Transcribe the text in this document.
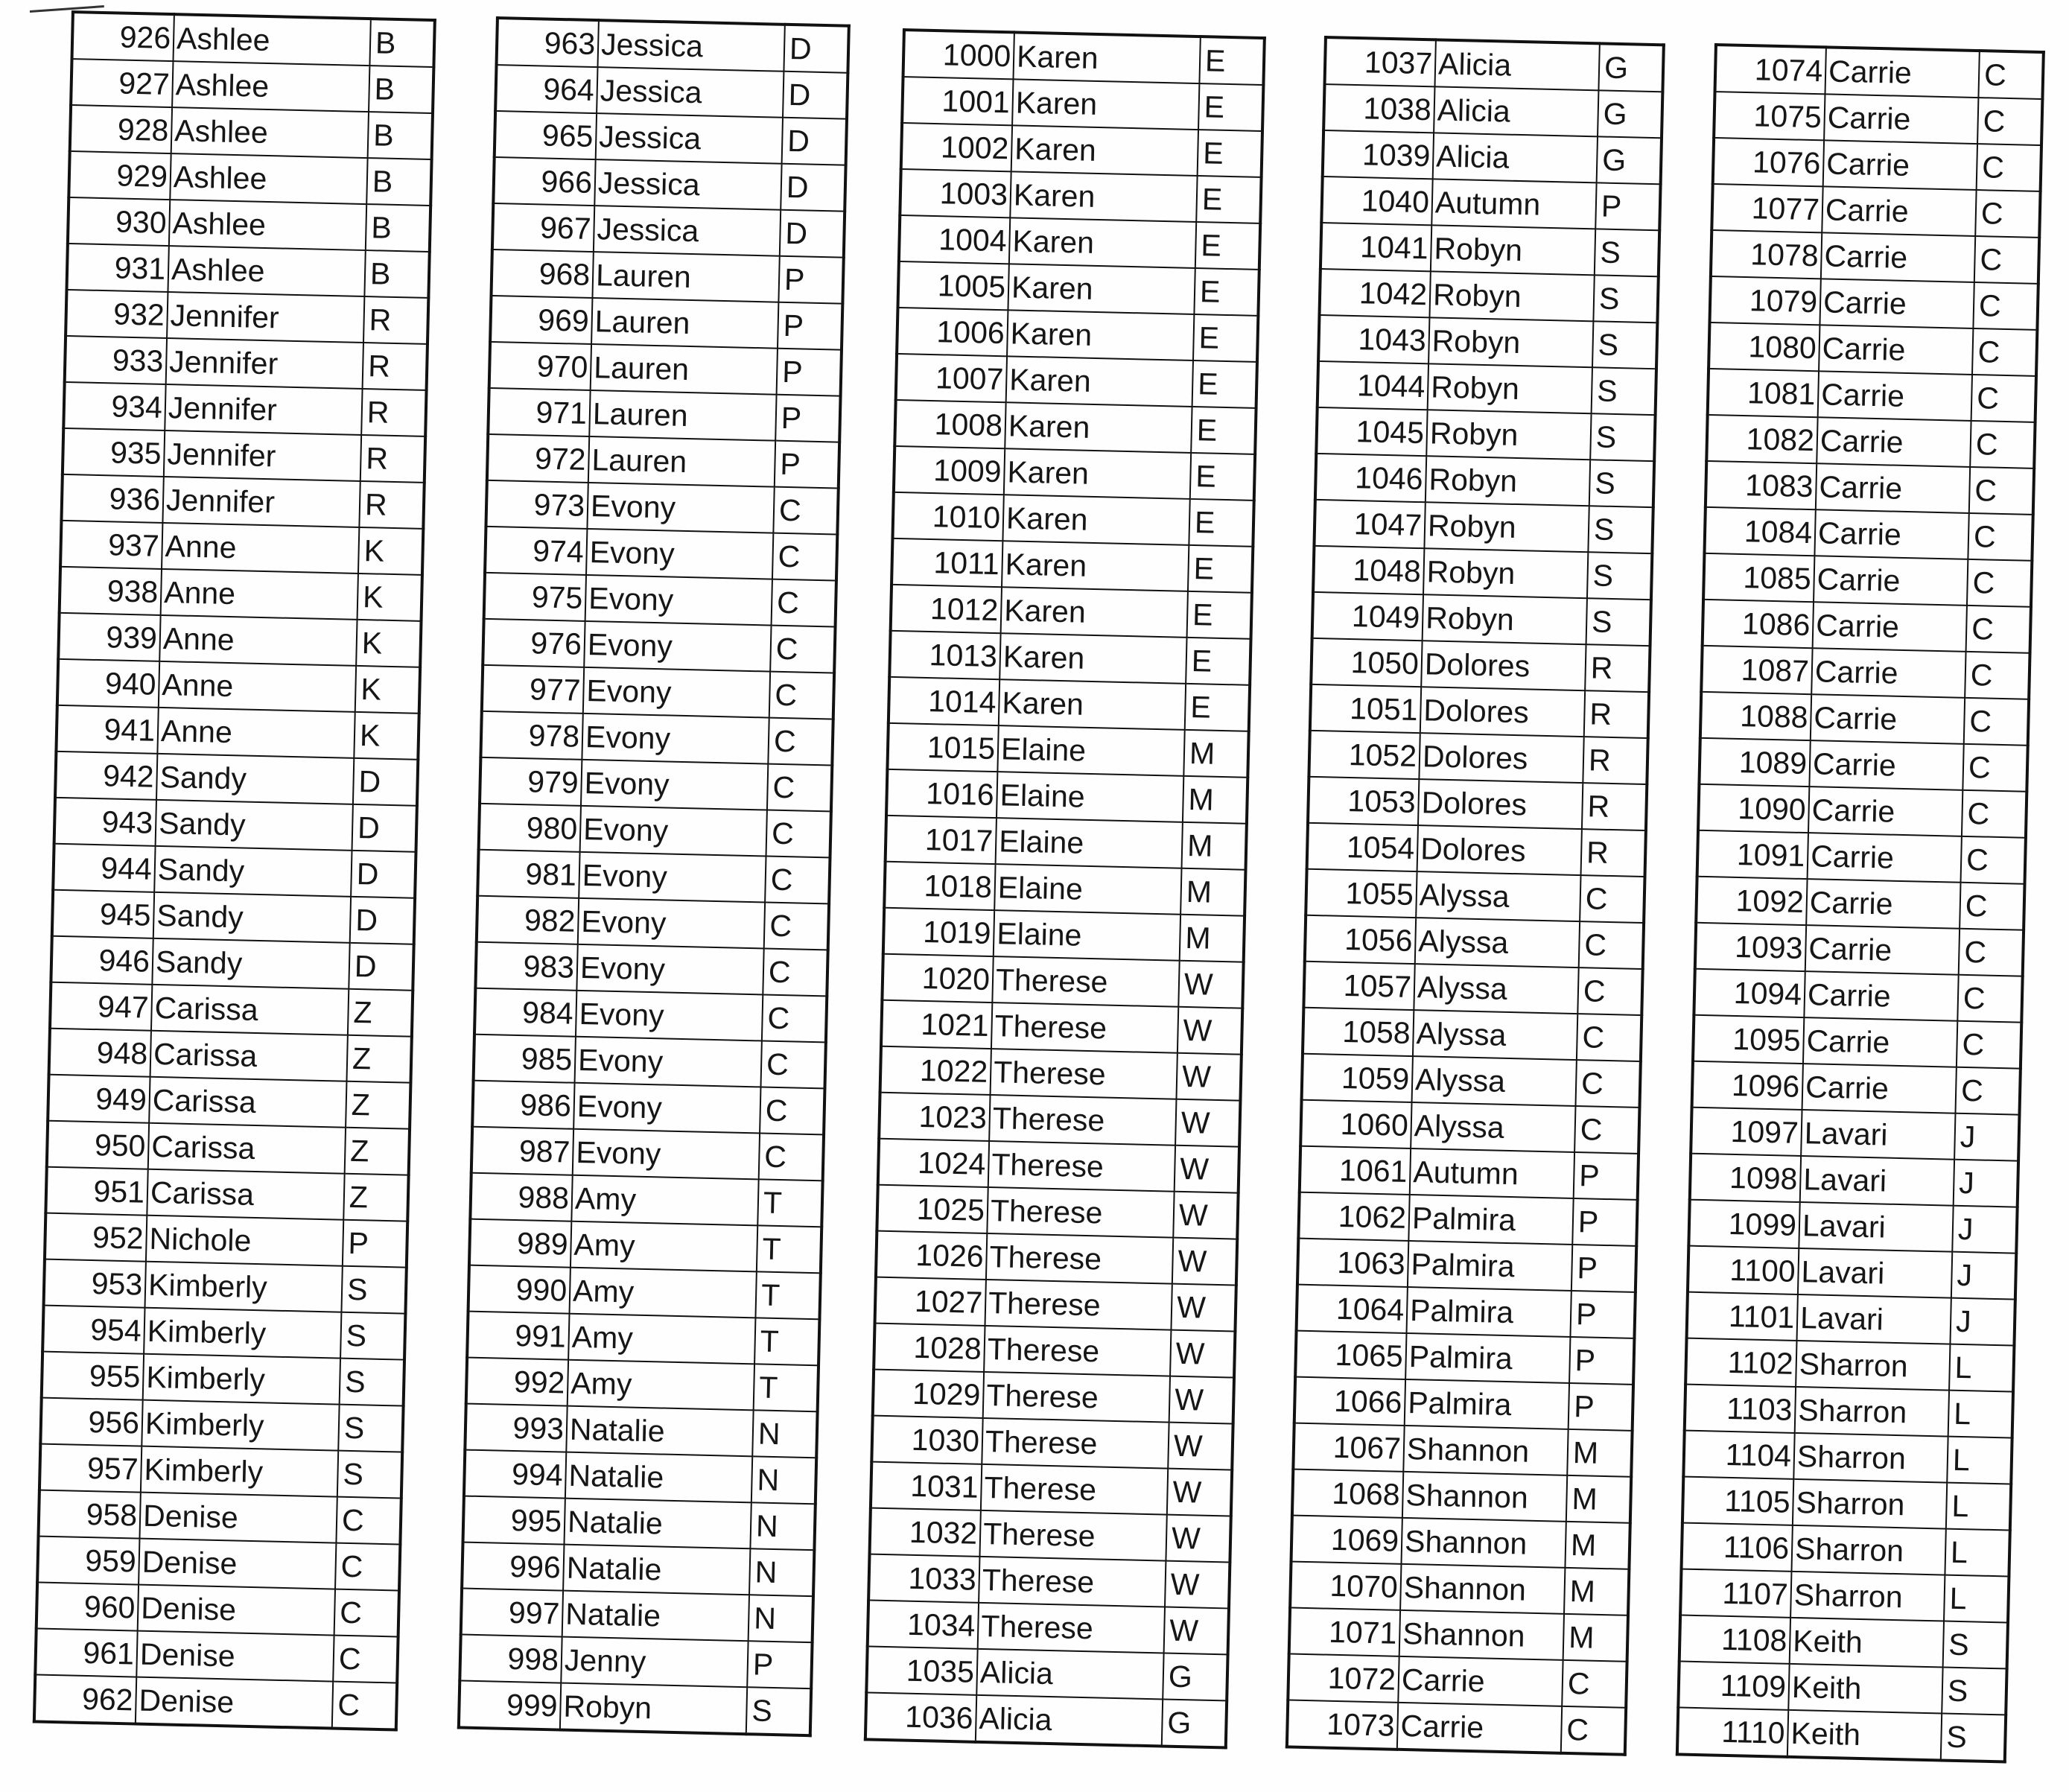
926	Ashlee	B
927	Ashlee	B
928	Ashlee	B
929	Ashlee	B
930	Ashlee	B
931	Ashlee	B
932	Jennifer	R
933	Jennifer	R
934	Jennifer	R
935	Jennifer	R
936	Jennifer	R
937	Anne	K
938	Anne	K
939	Anne	K
940	Anne	K
941	Anne	K
942	Sandy	D
943	Sandy	D
944	Sandy	D
945	Sandy	D
946	Sandy	D
947	Carissa	Z
948	Carissa	Z
949	Carissa	Z
950	Carissa	Z
951	Carissa	Z
952	Nichole	P
953	Kimberly	S
954	Kimberly	S
955	Kimberly	S
956	Kimberly	S
957	Kimberly	S
958	Denise	C
959	Denise	C
960	Denise	C
961	Denise	C
962	Denise	C
963	Jessica	D
964	Jessica	D
965	Jessica	D
966	Jessica	D
967	Jessica	D
968	Lauren	P
969	Lauren	P
970	Lauren	P
971	Lauren	P
972	Lauren	P
973	Evony	C
974	Evony	C
975	Evony	C
976	Evony	C
977	Evony	C
978	Evony	C
979	Evony	C
980	Evony	C
981	Evony	C
982	Evony	C
983	Evony	C
984	Evony	C
985	Evony	C
986	Evony	C
987	Evony	C
988	Amy	T
989	Amy	T
990	Amy	T
991	Amy	T
992	Amy	T
993	Natalie	N
994	Natalie	N
995	Natalie	N
996	Natalie	N
997	Natalie	N
998	Jenny	P
999	Robyn	S
1000	Karen	E
1001	Karen	E
1002	Karen	E
1003	Karen	E
1004	Karen	E
1005	Karen	E
1006	Karen	E
1007	Karen	E
1008	Karen	E
1009	Karen	E
1010	Karen	E
1011	Karen	E
1012	Karen	E
1013	Karen	E
1014	Karen	E
1015	Elaine	M
1016	Elaine	M
1017	Elaine	M
1018	Elaine	M
1019	Elaine	M
1020	Therese	W
1021	Therese	W
1022	Therese	W
1023	Therese	W
1024	Therese	W
1025	Therese	W
1026	Therese	W
1027	Therese	W
1028	Therese	W
1029	Therese	W
1030	Therese	W
1031	Therese	W
1032	Therese	W
1033	Therese	W
1034	Therese	W
1035	Alicia	G
1036	Alicia	G
1037	Alicia	G
1038	Alicia	G
1039	Alicia	G
1040	Autumn	P
1041	Robyn	S
1042	Robyn	S
1043	Robyn	S
1044	Robyn	S
1045	Robyn	S
1046	Robyn	S
1047	Robyn	S
1048	Robyn	S
1049	Robyn	S
1050	Dolores	R
1051	Dolores	R
1052	Dolores	R
1053	Dolores	R
1054	Dolores	R
1055	Alyssa	C
1056	Alyssa	C
1057	Alyssa	C
1058	Alyssa	C
1059	Alyssa	C
1060	Alyssa	C
1061	Autumn	P
1062	Palmira	P
1063	Palmira	P
1064	Palmira	P
1065	Palmira	P
1066	Palmira	P
1067	Shannon	M
1068	Shannon	M
1069	Shannon	M
1070	Shannon	M
1071	Shannon	M
1072	Carrie	C
1073	Carrie	C
1074	Carrie	C
1075	Carrie	C
1076	Carrie	C
1077	Carrie	C
1078	Carrie	C
1079	Carrie	C
1080	Carrie	C
1081	Carrie	C
1082	Carrie	C
1083	Carrie	C
1084	Carrie	C
1085	Carrie	C
1086	Carrie	C
1087	Carrie	C
1088	Carrie	C
1089	Carrie	C
1090	Carrie	C
1091	Carrie	C
1092	Carrie	C
1093	Carrie	C
1094	Carrie	C
1095	Carrie	C
1096	Carrie	C
1097	Lavari	J
1098	Lavari	J
1099	Lavari	J
1100	Lavari	J
1101	Lavari	J
1102	Sharron	L
1103	Sharron	L
1104	Sharron	L
1105	Sharron	L
1106	Sharron	L
1107	Sharron	L
1108	Keith	S
1109	Keith	S
1110	Keith	S
